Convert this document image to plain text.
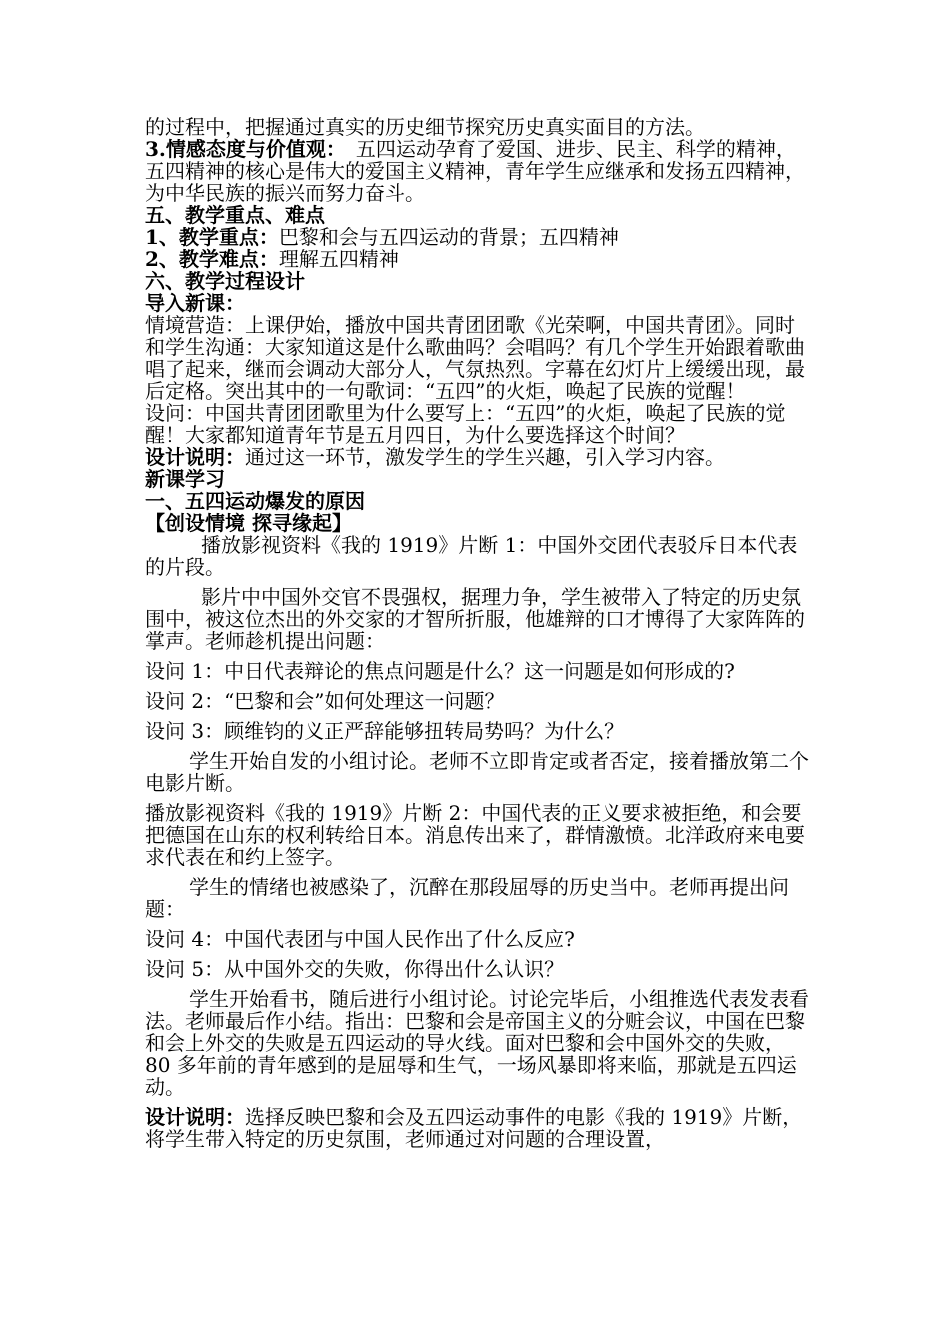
的过程中，把握通过真实的历史细节探究历史真实面目的方法。

3.情感态度与价值观：　五四运动孕育了爱国、进步、民主、科学的精神，五四精神的核心是伟大的爱国主义精神，青年学生应继承和发扬五四精神，为中华民族的振兴而努力奋斗。

五、教学重点、难点

1、教学重点：巴黎和会与五四运动的背景；五四精神

2、教学难点：理解五四精神

六、教学过程设计

导入新课：

情境营造：上课伊始，播放中国共青团团歌《光荣啊，中国共青团》。同时和学生沟通：大家知道这是什么歌曲吗？会唱吗？有几个学生开始跟着歌曲唱了起来，继而会调动大部分人，气氛热烈。字幕在幻灯片上缓缓出现，最后定格。突出其中的一句歌词：“五四”的火炬，唤起了民族的觉醒！

设问：中国共青团团歌里为什么要写上：“五四”的火炬，唤起了民族的觉醒！大家都知道青年节是五月四日，为什么要选择这个时间？

设计说明：通过这一环节，激发学生的学生兴趣，引入学习内容。

新课学习

一、五四运动爆发的原因

【创设情境 探寻缘起】

播放影视资料《我的 1919》片断 1：中国外交团代表驳斥日本代表的片段。

影片中中国外交官不畏强权，据理力争，学生被带入了特定的历史氛围中，被这位杰出的外交家的才智所折服，他雄辩的口才博得了大家阵阵的掌声。老师趁机提出问题：

设问 1：中日代表辩论的焦点问题是什么？这一问题是如何形成的?

设问 2：“巴黎和会”如何处理这一问题？

设问 3：顾维钧的义正严辞能够扭转局势吗？为什么？

学生开始自发的小组讨论。老师不立即肯定或者否定，接着播放第二个电影片断。

播放影视资料《我的 1919》片断 2：中国代表的正义要求被拒绝，和会要把德国在山东的权利转给日本。消息传出来了，群情激愤。北洋政府来电要求代表在和约上签字。

学生的情绪也被感染了，沉醉在那段屈辱的历史当中。老师再提出问题：

设问 4：中国代表团与中国人民作出了什么反应?

设问 5：从中国外交的失败，你得出什么认识？

学生开始看书，随后进行小组讨论。讨论完毕后，小组推选代表发表看法。老师最后作小结。指出：巴黎和会是帝国主义的分赃会议，中国在巴黎和会上外交的失败是五四运动的导火线。面对巴黎和会中国外交的失败，80 多年前的青年感到的是屈辱和生气，一场风暴即将来临，那就是五四运动。

设计说明：选择反映巴黎和会及五四运动事件的电影《我的 1919》片断，将学生带入特定的历史氛围，老师通过对问题的合理设置，
